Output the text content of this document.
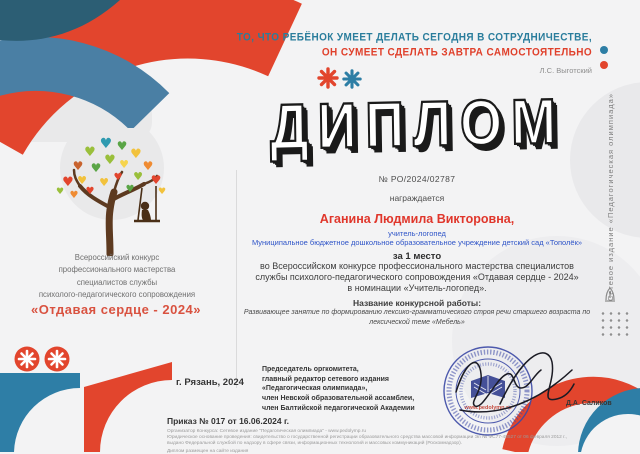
ТО, ЧТО РЕБЁНОК УМЕЕТ ДЕЛАТЬ СЕГОДНЯ В СОТРУДНИЧЕСТВЕ,
ОН СУМЕЕТ СДЕЛАТЬ ЗАВТРА САМОСТОЯТЕЛЬНО
Л.С. Выготский
ДИПЛОМ
№ РО/2024/02787
награждается
Аганина Людмила Викторовна,
учитель-логопед
Муниципальное бюджетное дошкольное образовательное учреждение детский сад «Тополёк»
за 1 место
во Всероссийском конкурсе профессионального мастерства специалистов
службы психолого-педагогического сопровождения «Отдавая сердце - 2024»
в номинации «Учитель-логопед».
Название конкурсной работы:
Развивающее занятие по формированию лексико-грамматического строя речи старшего возраста по
лексической теме «Мебель»
♥
♥
♥
♥ ♥
♥
♥
♥
♥
♥ ♥ ♥
♥
♥ ♥
♥ ♥
♥
♥	♥
Всероссийский конкурс
профессионального мастерства
специалистов службы
психолого-педагогического сопровождения
«Отдавая сердце - 2024»
г. Рязань, 2024
Председатель оргкомитета,
главный редактор сетевого издания
«Педагогическая олимпиада»,
член Невской образовательной ассамблеи,
член Балтийской педагогической Академии	www.pedolymp.ru
Д.А. Саликов
Приказ № 017 от 16.06.2024 г.
Организатор Конкурса: Сетевое издание "Педагогическая олимпиада" - www.pedolymp.ru
Юридическое основание проведения: свидетельство о государственной регистрации образовательного средства массовой информации Эл № ФС77-48527 от 06 февраля 2012 г.,
выдано Федеральной службой по надзору в сфере связи, информационных технологий и массовых коммуникаций (Роскомнадзор).
Диплом размещен на сайте издания
Сетевое издание «Педагогическая олимпиада»
